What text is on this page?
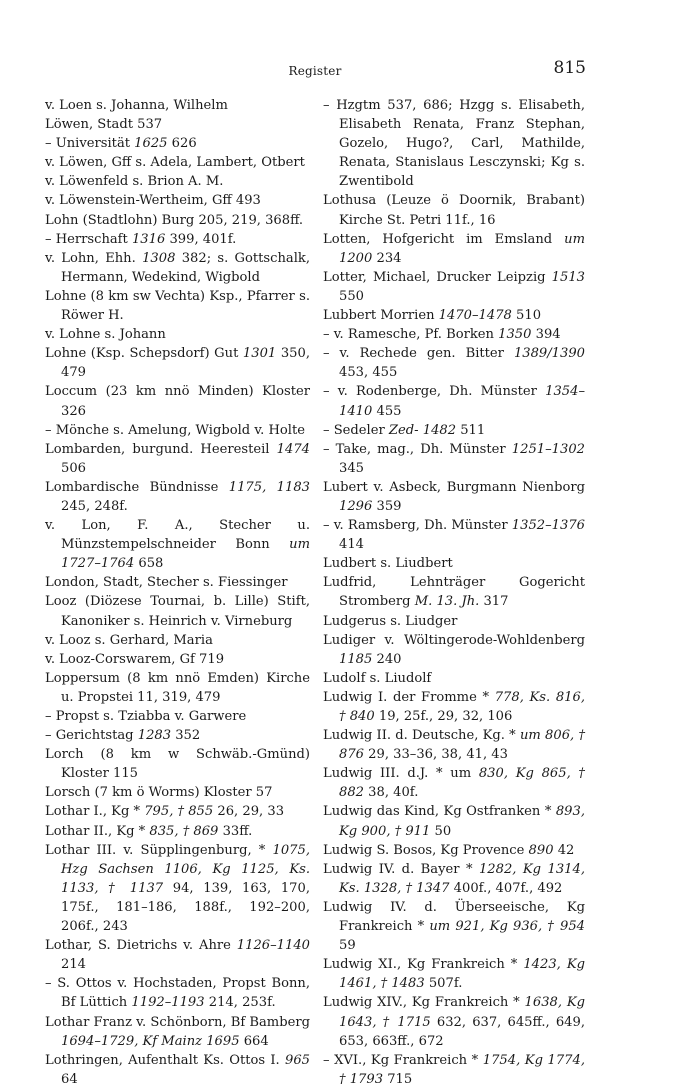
Register	815
v. Loen s. Johanna, Wilhelm
Löwen, Stadt 537
– Universität 1625 626
v. Löwen, Gff s. Adela, Lambert, Otbert
v. Löwenfeld s. Brion A. M.
v. Löwenstein-Wertheim, Gff 493
Lohn (Stadtlohn) Burg 205, 219, 368ff.
– Herrschaft 1316 399, 401f.
v. Lohn, Ehh. 1308 382; s. Gottschalk, Hermann, Wedekind, Wigbold
Lohne (8 km sw Vechta) Ksp., Pfarrer s. Röwer H.
v. Lohne s. Johann
Lohne (Ksp. Schepsdorf) Gut 1301 350, 479
Loccum (23 km nnö Minden) Kloster 326
– Mönche s. Amelung, Wigbold v. Holte
Lombarden, burgund. Heeresteil 1474 506
Lombardische Bündnisse 1175, 1183 245, 248f.
v. Lon, F. A., Stecher u. Münzstempelschneider Bonn um 1727–1764 658
London, Stadt, Stecher s. Fiessinger
Looz (Diözese Tournai, b. Lille) Stift, Kanoniker s. Heinrich v. Virneburg
v. Looz s. Gerhard, Maria
v. Looz-Corswarem, Gf 719
Loppersum (8 km nnö Emden) Kirche u. Propstei 11, 319, 479
– Propst s. Tziabba v. Garwere
– Gerichtstag 1283 352
Lorch (8 km w Schwäb.-Gmünd) Kloster 115
Lorsch (7 km ö Worms) Kloster 57
Lothar I., Kg * 795, † 855 26, 29, 33
Lothar II., Kg * 835, † 869 33ff.
Lothar III. v. Süpplingenburg, * 1075, Hzg Sachsen 1106, Kg 1125, Ks. 1133, † 1137 94, 139, 163, 170, 175f., 181–186, 188f., 192–200, 206f., 243
Lothar, S. Dietrichs v. Ahre 1126–1140 214
– S. Ottos v. Hochstaden, Propst Bonn, Bf Lüttich 1192–1193 214, 253f.
Lothar Franz v. Schönborn, Bf Bamberg 1694–1729, Kf Mainz 1695 664
Lothringen, Aufenthalt Ks. Ottos I. 965 64
– Hzgtm 537, 686; Hzgg s. Elisabeth, Elisabeth Renata, Franz Stephan, Gozelo, Hugo?, Carl, Mathilde, Renata, Stanislaus Lesczynski; Kg s. Zwentibold
Lothusa (Leuze ö Doornik, Brabant) Kirche St. Petri 11f., 16
Lotten, Hofgericht im Emsland um 1200 234
Lotter, Michael, Drucker Leipzig 1513 550
Lubbert Morrien 1470–1478 510
– v. Ramesche, Pf. Borken 1350 394
– v. Rechede gen. Bitter 1389/1390 453, 455
– v. Rodenberge, Dh. Münster 1354–1410 455
– Sedeler Zed- 1482 511
– Take, mag., Dh. Münster 1251–1302 345
Lubert v. Asbeck, Burgmann Nienborg 1296 359
– v. Ramsberg, Dh. Münster 1352–1376 414
Ludbert s. Liudbert
Ludfrid, Lehnträger Gogericht Stromberg M. 13. Jh. 317
Ludgerus s. Liudger
Ludiger v. Wöltingerode-Wohldenberg 1185 240
Ludolf s. Liudolf
Ludwig I. der Fromme * 778, Ks. 816, † 840 19, 25f., 29, 32, 106
Ludwig II. d. Deutsche, Kg. * um 806, † 876 29, 33–36, 38, 41, 43
Ludwig III. d.J. * um 830, Kg 865, † 882 38, 40f.
Ludwig das Kind, Kg Ostfranken * 893, Kg 900, † 911 50
Ludwig S. Bosos, Kg Provence 890 42
Ludwig IV. d. Bayer * 1282, Kg 1314, Ks. 1328, † 1347 400f., 407f., 492
Ludwig IV. d. Überseeische, Kg Frankreich * um 921, Kg 936, † 954 59
Ludwig XI., Kg Frankreich * 1423, Kg 1461, † 1483 507f.
Ludwig XIV., Kg Frankreich * 1638, Kg 1643, † 1715 632, 637, 645ff., 649, 653, 663ff., 672
– XVI., Kg Frankreich * 1754, Kg 1774, † 1793 715
